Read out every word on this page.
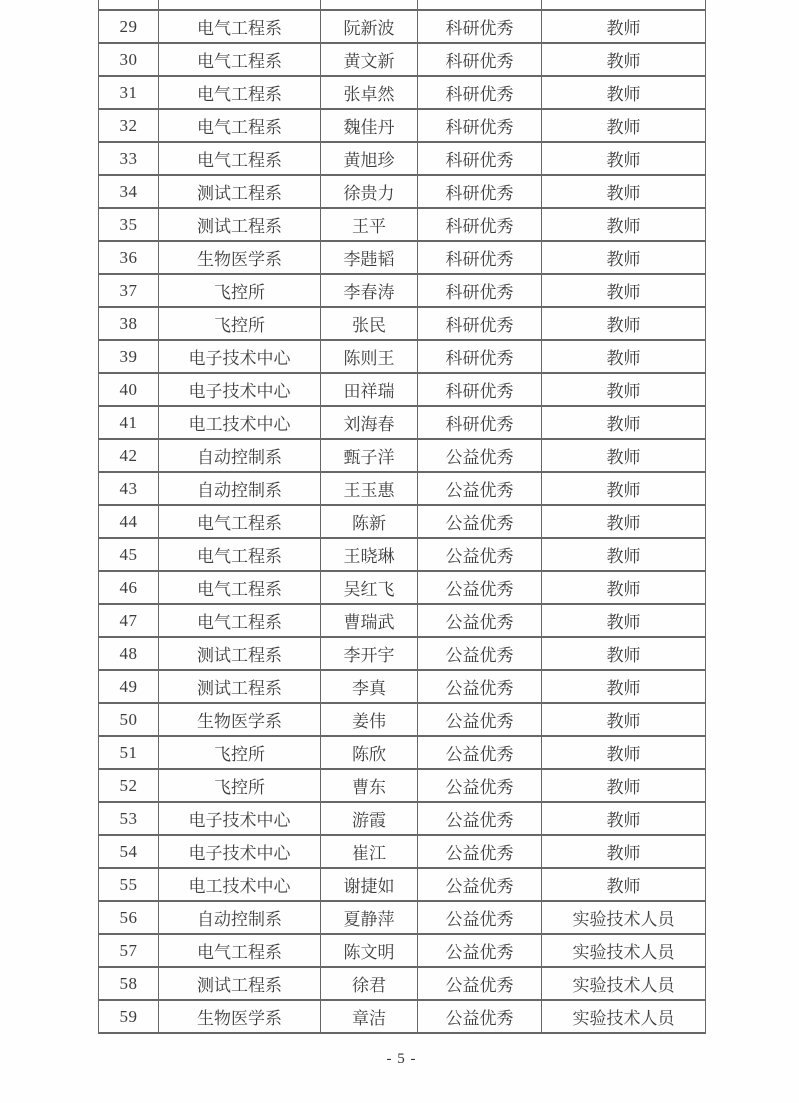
29	电气工程系	阮新波	科研优秀	教师
30	电气工程系	黄文新	科研优秀	教师
31	电气工程系	张卓然	科研优秀	教师
32	电气工程系	魏佳丹	科研优秀	教师
33	电气工程系	黄旭珍	科研优秀	教师
34	测试工程系	徐贵力	科研优秀	教师
35	测试工程系	王平	科研优秀	教师
36	生物医学系	李韪韬	科研优秀	教师
37	飞控所	李春涛	科研优秀	教师
38	飞控所	张民	科研优秀	教师
39	电子技术中心	陈则王	科研优秀	教师
40	电子技术中心	田祥瑞	科研优秀	教师
41	电工技术中心	刘海春	科研优秀	教师
42	自动控制系	甄子洋	公益优秀	教师
43	自动控制系	王玉惠	公益优秀	教师
44	电气工程系	陈新	公益优秀	教师
45	电气工程系	王晓琳	公益优秀	教师
46	电气工程系	吴红飞	公益优秀	教师
47	电气工程系	曹瑞武	公益优秀	教师
48	测试工程系	李开宇	公益优秀	教师
49	测试工程系	李真	公益优秀	教师
50	生物医学系	姜伟	公益优秀	教师
51	飞控所	陈欣	公益优秀	教师
52	飞控所	曹东	公益优秀	教师
53	电子技术中心	游霞	公益优秀	教师
54	电子技术中心	崔江	公益优秀	教师
55	电工技术中心	谢捷如	公益优秀	教师
56	自动控制系	夏静萍	公益优秀	实验技术人员
57	电气工程系	陈文明	公益优秀	实验技术人员
58	测试工程系	徐君	公益优秀	实验技术人员
59	生物医学系	章洁	公益优秀	实验技术人员
- 5 -
